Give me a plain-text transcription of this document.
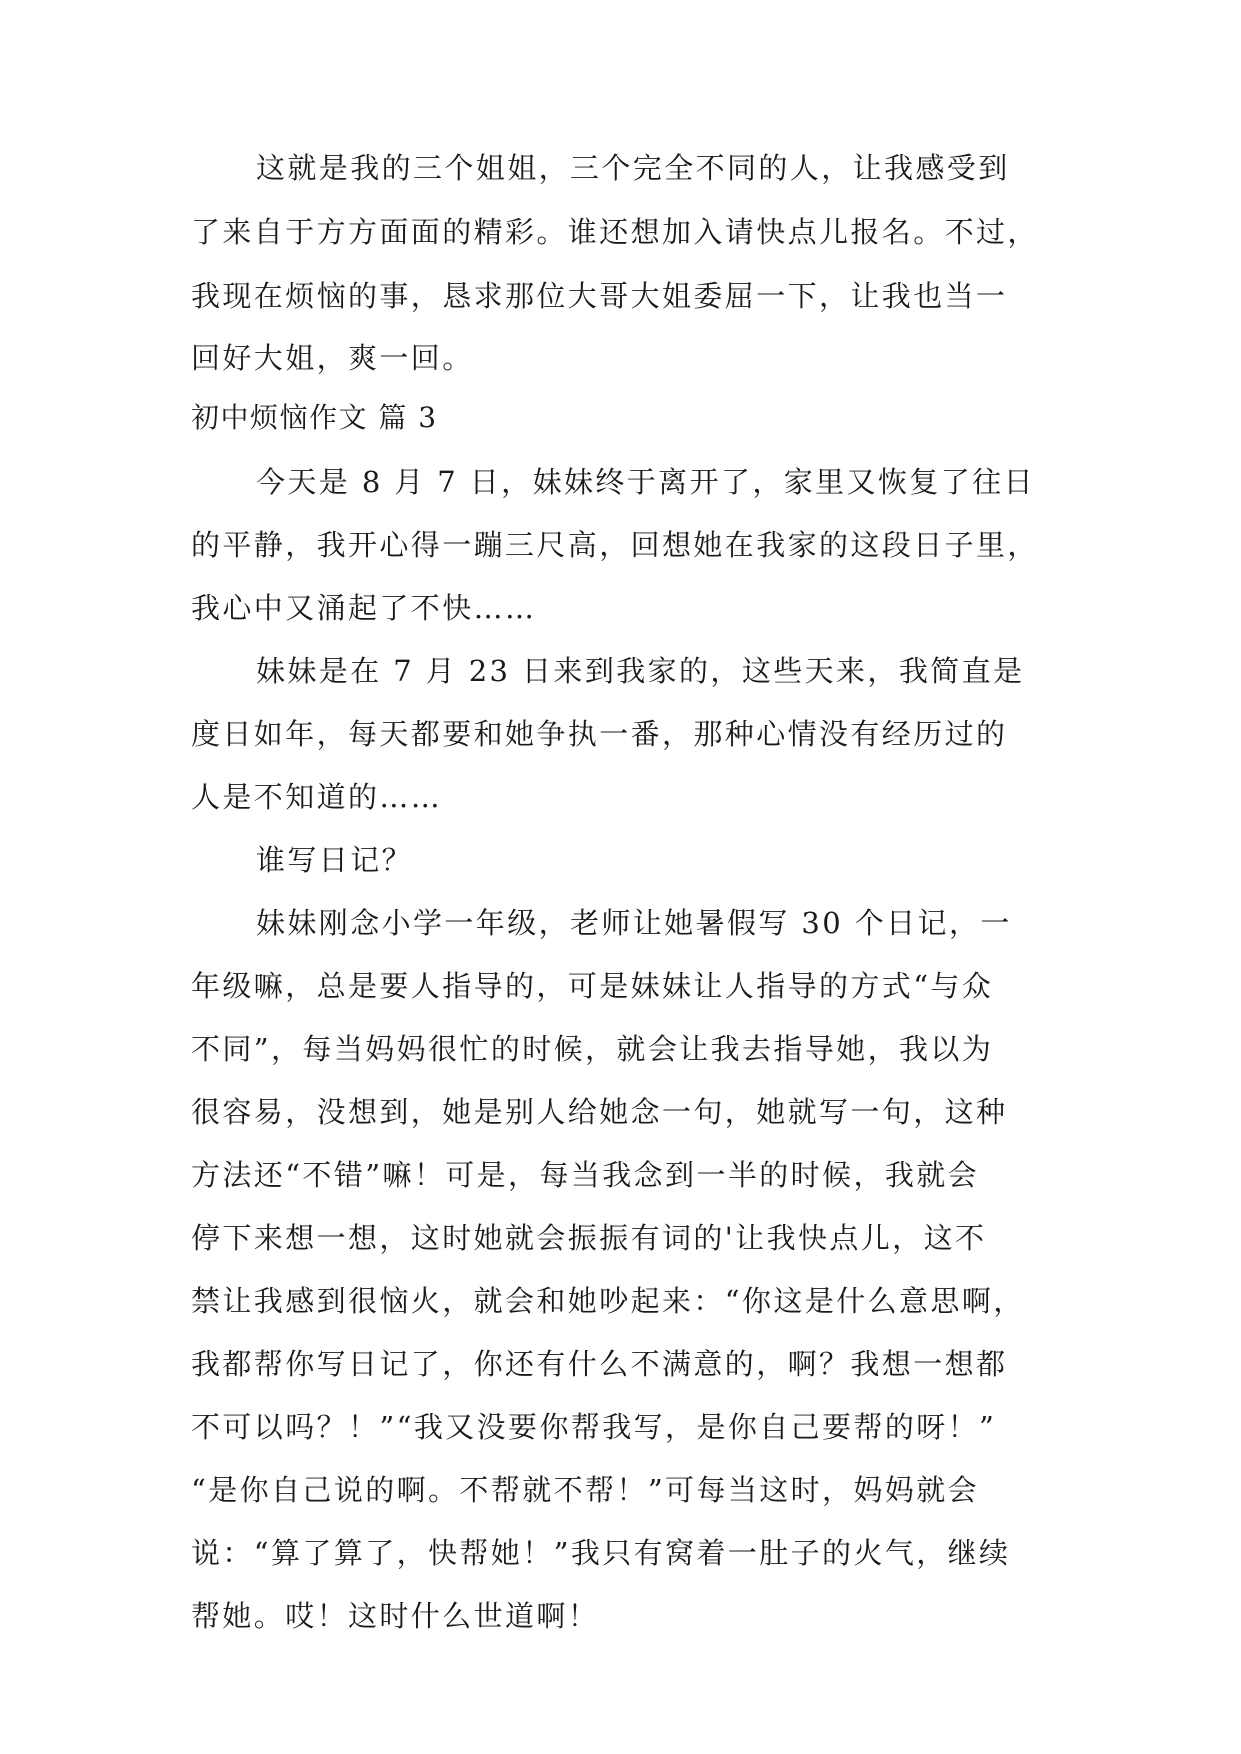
这就是我的三个姐姐，三个完全不同的人，让我感受到
了来自于方方面面的精彩。谁还想加入请快点儿报名。不过，
我现在烦恼的事，恳求那位大哥大姐委屈一下，让我也当一
回好大姐，爽一回。
初中烦恼作文 篇 3
今天是 8 月 7 日，妹妹终于离开了，家里又恢复了往日
的平静，我开心得一蹦三尺高，回想她在我家的这段日子里，
我心中又涌起了不快……
妹妹是在 7 月 23 日来到我家的，这些天来，我简直是
度日如年，每天都要和她争执一番，那种心情没有经历过的
人是不知道的……
谁写日记？
妹妹刚念小学一年级，老师让她暑假写 30 个日记，一
年级嘛，总是要人指导的，可是妹妹让人指导的方式“与众
不同”，每当妈妈很忙的时候，就会让我去指导她，我以为
很容易，没想到，她是别人给她念一句，她就写一句，这种
方法还“不错”嘛！可是，每当我念到一半的时候，我就会
停下来想一想，这时她就会振振有词的'让我快点儿，这不
禁让我感到很恼火，就会和她吵起来：“你这是什么意思啊，
我都帮你写日记了，你还有什么不满意的，啊？我想一想都
不可以吗？！”“我又没要你帮我写，是你自己要帮的呀！”
“是你自己说的啊。不帮就不帮！”可每当这时，妈妈就会
说：“算了算了，快帮她！”我只有窝着一肚子的火气，继续
帮她。哎！这时什么世道啊！
